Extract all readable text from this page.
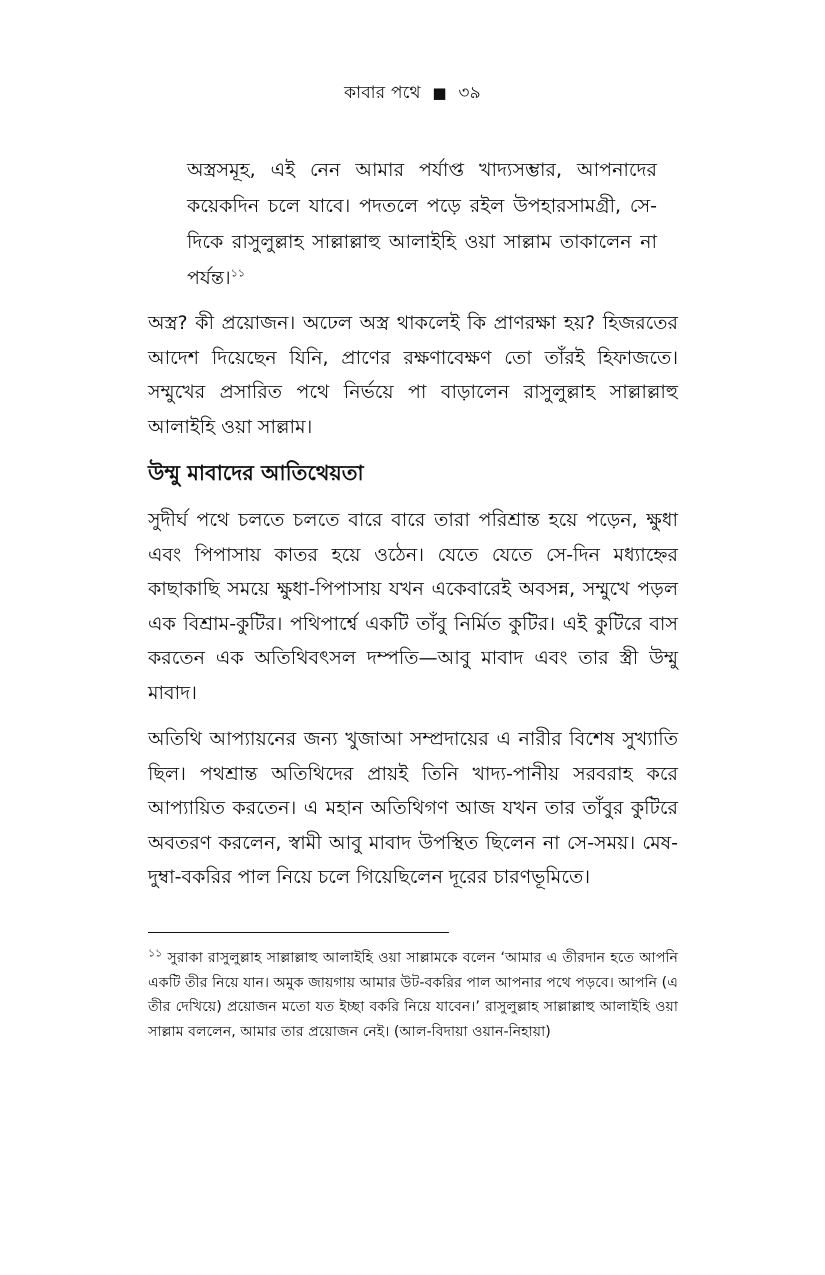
কাবার পথে ■ ৩৯
অস্ত্রসমূহ, এই নেন আমার পর্যাপ্ত খাদ্যসম্ভার, আপনাদের কয়েকদিন চলে যাবে। পদতলে পড়ে রইল উপহারসামগ্রী, সে-দিকে রাসুলুল্লাহ সাল্লাল্লাহু আলাইহি ওয়া সাল্লাম তাকালেন না পর্যন্ত।$^{১১}$
অস্ত্র? কী প্রয়োজন। অঢেল অস্ত্র থাকলেই কি প্রাণরক্ষা হয়? হিজরতের আদেশ দিয়েছেন যিনি, প্রাণের রক্ষণাবেক্ষণ তো তাঁরই হিফাজতে। সম্মুখের প্রসারিত পথে নির্ভয়ে পা বাড়ালেন রাসুলুল্লাহ সাল্লাল্লাহু আলাইহি ওয়া সাল্লাম।
উম্মু মাবাদের আতিথেয়তা
সুদীর্ঘ পথে চলতে চলতে বারে বারে তারা পরিশ্রান্ত হয়ে পড়েন, ক্ষুধা এবং পিপাসায় কাতর হয়ে ওঠেন। যেতে যেতে সে-দিন মধ্যাহ্নের কাছাকাছি সময়ে ক্ষুধা-পিপাসায় যখন একেবারেই অবসন্ন, সম্মুখে পড়ল এক বিশ্রাম-কুটির। পথিপার্শ্বে একটি তাঁবু নির্মিত কুটির। এই কুটিরে বাস করতেন এক অতিথিবৎসল দম্পতি—আবু মাবাদ এবং তার স্ত্রী উম্মু মাবাদ।
অতিথি আপ্যায়নের জন্য খুজাআ সম্প্রদায়ের এ নারীর বিশেষ সুখ্যাতি ছিল। পথশ্রান্ত অতিথিদের প্রায়ই তিনি খাদ্য-পানীয় সরবরাহ করে আপ্যায়িত করতেন। এ মহান অতিথিগণ আজ যখন তার তাঁবুর কুটিরে অবতরণ করলেন, স্বামী আবু মাবাদ উপস্থিত ছিলেন না সে-সময়। মেষ-দুম্বা-বকরির পাল নিয়ে চলে গিয়েছিলেন দূরের চারণভূমিতে।
$^{১১}$ সুরাকা রাসুলুল্লাহ সাল্লাল্লাহু আলাইহি ওয়া সাল্লামকে বলেন ‘আমার এ তীরদান হতে আপনি একটি তীর নিয়ে যান। অমুক জায়গায় আমার উট-বকরির পাল আপনার পথে পড়বে। আপনি (এ তীর দেখিয়ে) প্রয়োজন মতো যত ইচ্ছা বকরি নিয়ে যাবেন।’ রাসুলুল্লাহ সাল্লাল্লাহু আলাইহি ওয়া সাল্লাম বললেন, আমার তার প্রয়োজন নেই। (আল-বিদায়া ওয়ান-নিহায়া)
